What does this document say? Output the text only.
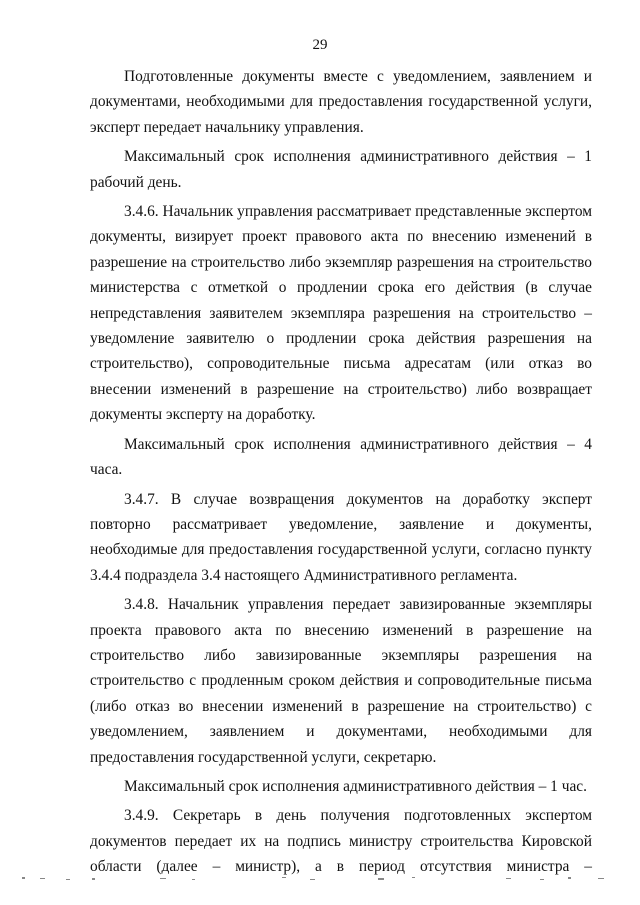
29

Подготовленные документы вместе с уведомлением, заявлением и документами, необходимыми для предоставления государственной услуги, эксперт передает начальнику управления.

Максимальный срок исполнения административного действия – 1 рабочий день.

3.4.6. Начальник управления рассматривает представленные экспертом документы, визирует проект правового акта по внесению изменений в разрешение на строительство либо экземпляр разрешения на строительство министерства с отметкой о продлении срока его действия (в случае непредставления заявителем экземпляра разрешения на строительство – уведомление заявителю о продлении срока действия разрешения на строительство), сопроводительные письма адресатам (или отказ во внесении изменений в разрешение на строительство) либо возвращает документы эксперту на доработку.

Максимальный срок исполнения административного действия – 4 часа.

3.4.7. В случае возвращения документов на доработку эксперт повторно рассматривает уведомление, заявление и документы, необходимые для предоставления государственной услуги, согласно пункту 3.4.4 подраздела 3.4 настоящего Административного регламента.

3.4.8. Начальник управления передает завизированные экземпляры проекта правового акта по внесению изменений в разрешение на строительство либо завизированные экземпляры разрешения на строительство с продленным сроком действия и сопроводительные письма (либо отказ во внесении изменений в разрешение на строительство) с уведомлением, заявлением и документами, необходимыми для предоставления государственной услуги, секретарю.

Максимальный срок исполнения административного действия – 1 час.

3.4.9. Секретарь в день получения подготовленных экспертом документов передает их на подпись министру строительства Кировской области (далее – министр), а в период отсутствия министра –
